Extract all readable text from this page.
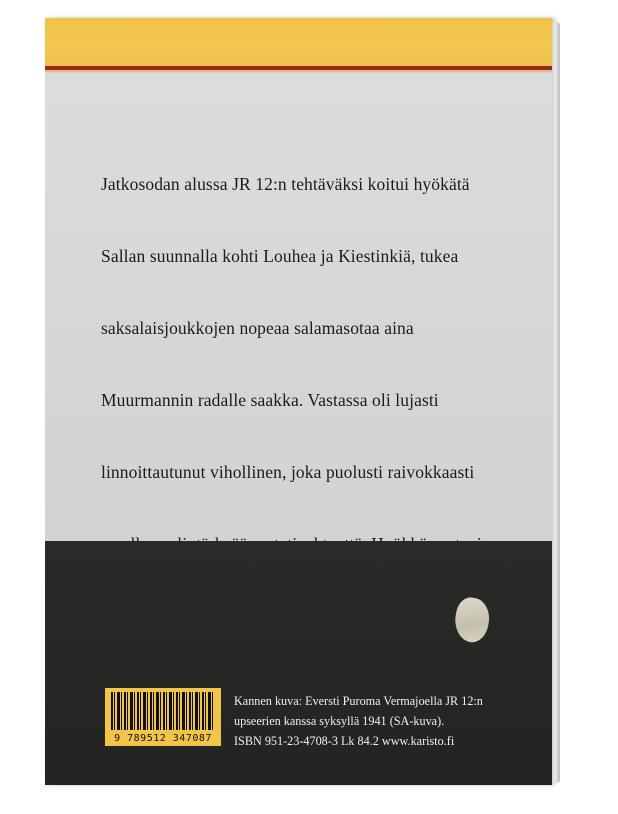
Jatkosodan alussa JR 12:n tehtäväksi koitui hyökätä

Sallan suunnalla kohti Louhea ja Kiestinkiä, tukea

saksalaisjoukkojen nopeaa salamasotaa aina

Muurmannin radalle saakka. Vastassa oli lujasti

linnoittautunut vihollinen, joka puolusti raivokkaasti

9 789512 347087
Kannen kuva: Eversti Puroma Vermajoella JR 12:n
upseerien kanssa syksyllä 1941 (SA-kuva).
ISBN 951-23-4708-3 Lk 84.2 www.karisto.fi
